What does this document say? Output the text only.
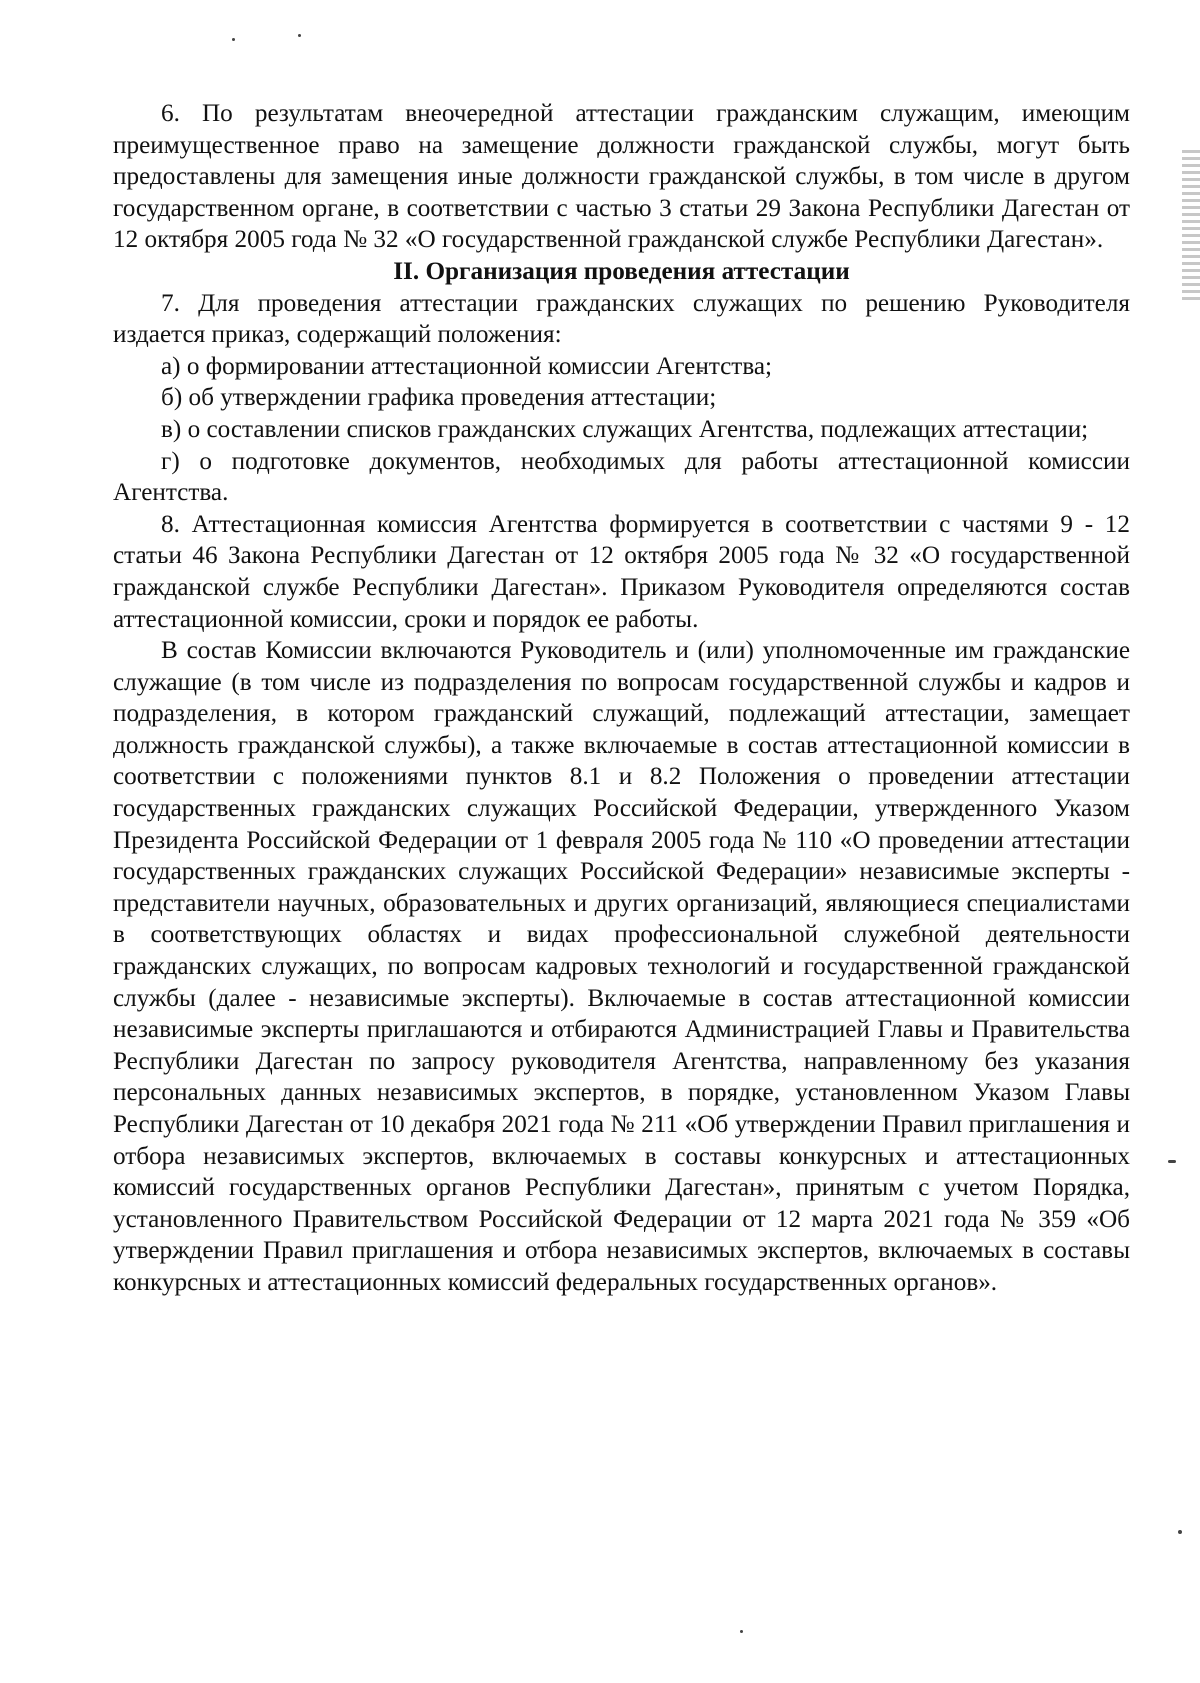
6. По результатам внеочередной аттестации гражданским служащим, имеющим преимущественное право на замещение должности гражданской службы, могут быть предоставлены для замещения иные должности гражданской службы, в том числе в другом государственном органе, в соответствии с частью 3 статьи 29 Закона Республики Дагестан от 12 октября 2005 года № 32 «О государственной гражданской службе Республики Дагестан».

II. Организация проведения аттестации

7. Для проведения аттестации гражданских служащих по решению Руководителя издается приказ, содержащий положения:

а) о формировании аттестационной комиссии Агентства;

б) об утверждении графика проведения аттестации;

в) о составлении списков гражданских служащих Агентства, подлежащих аттестации;

г) о подготовке документов, необходимых для работы аттестационной комиссии Агентства.

8. Аттестационная комиссия Агентства формируется в соответствии с частями 9 - 12 статьи 46 Закона Республики Дагестан от 12 октября 2005 года № 32 «О государственной гражданской службе Республики Дагестан». Приказом Руководителя определяются состав аттестационной комиссии, сроки и порядок ее работы.

В состав Комиссии включаются Руководитель и (или) уполномоченные им гражданские служащие (в том числе из подразделения по вопросам государственной службы и кадров и подразделения, в котором гражданский служащий, подлежащий аттестации, замещает должность гражданской службы), а также включаемые в состав аттестационной комиссии в соответствии с положениями пунктов 8.1 и 8.2 Положения о проведении аттестации государственных гражданских служащих Российской Федерации, утвержденного Указом Президента Российской Федерации от 1 февраля 2005 года № 110 «О проведении аттестации государственных гражданских служащих Российской Федерации» независимые эксперты - представители научных, образовательных и других организаций, являющиеся специалистами в соответствующих областях и видах профессиональной служебной деятельности гражданских служащих, по вопросам кадровых технологий и государственной гражданской службы (далее - независимые эксперты). Включаемые в состав аттестационной комиссии независимые эксперты приглашаются и отбираются Администрацией Главы и Правительства Республики Дагестан по запросу руководителя Агентства, направленному без указания персональных данных независимых экспертов, в порядке, установленном Указом Главы Республики Дагестан от 10 декабря 2021 года № 211 «Об утверждении Правил приглашения и отбора независимых экспертов, включаемых в составы конкурсных и аттестационных комиссий государственных органов Республики Дагестан», принятым с учетом Порядка, установленного Правительством Российской Федерации от 12 марта 2021 года № 359 «Об утверждении Правил приглашения и отбора независимых экспертов, включаемых в составы конкурсных и аттестационных комиссий федеральных государственных органов».
